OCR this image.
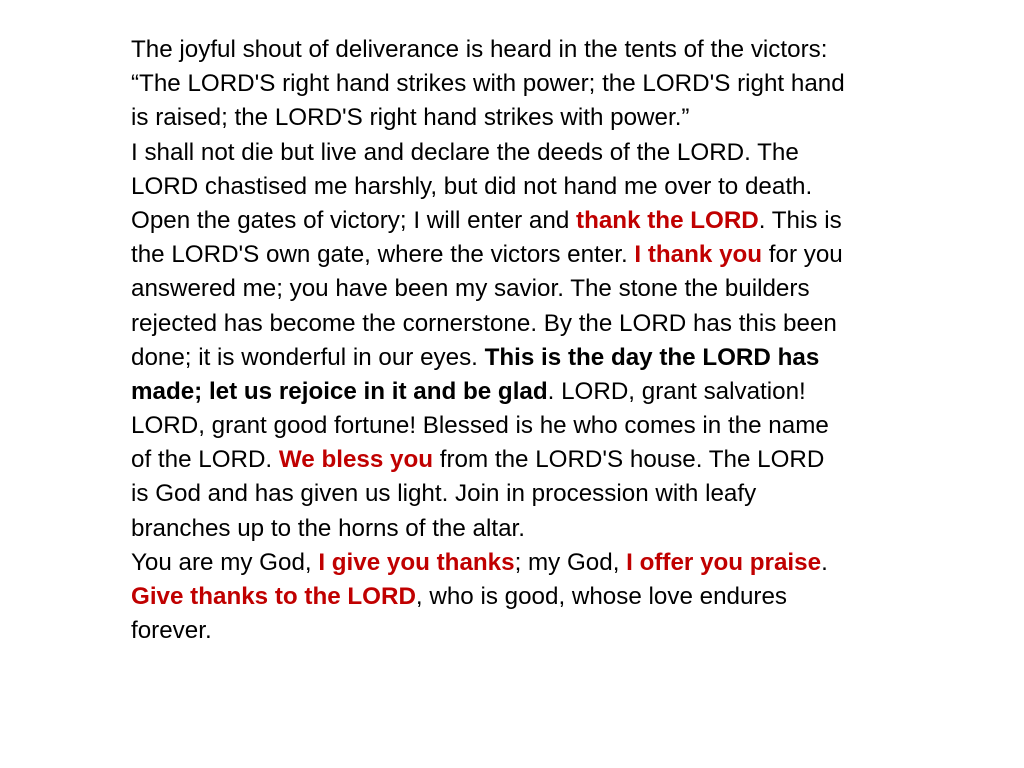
The joyful shout of deliverance is heard in the tents of the victors:
“The LORD'S right hand strikes with power; the LORD'S right hand
is raised; the LORD'S right hand strikes with power.”
I shall not die but live and declare the deeds of the LORD. The
LORD chastised me harshly, but did not hand me over to death.
Open the gates of victory; I will enter and thank the LORD. This is
the LORD'S own gate, where the victors enter. I thank you for you
answered me; you have been my savior. The stone the builders
rejected has become the cornerstone. By the LORD has this been
done; it is wonderful in our eyes. This is the day the LORD has
made; let us rejoice in it and be glad. LORD, grant salvation!
LORD, grant good fortune! Blessed is he who comes in the name
of the LORD. We bless you from the LORD'S house. The LORD
is God and has given us light. Join in procession with leafy
branches up to the horns of the altar.
You are my God, I give you thanks; my God, I offer you praise.
Give thanks to the LORD, who is good, whose love endures
forever.
